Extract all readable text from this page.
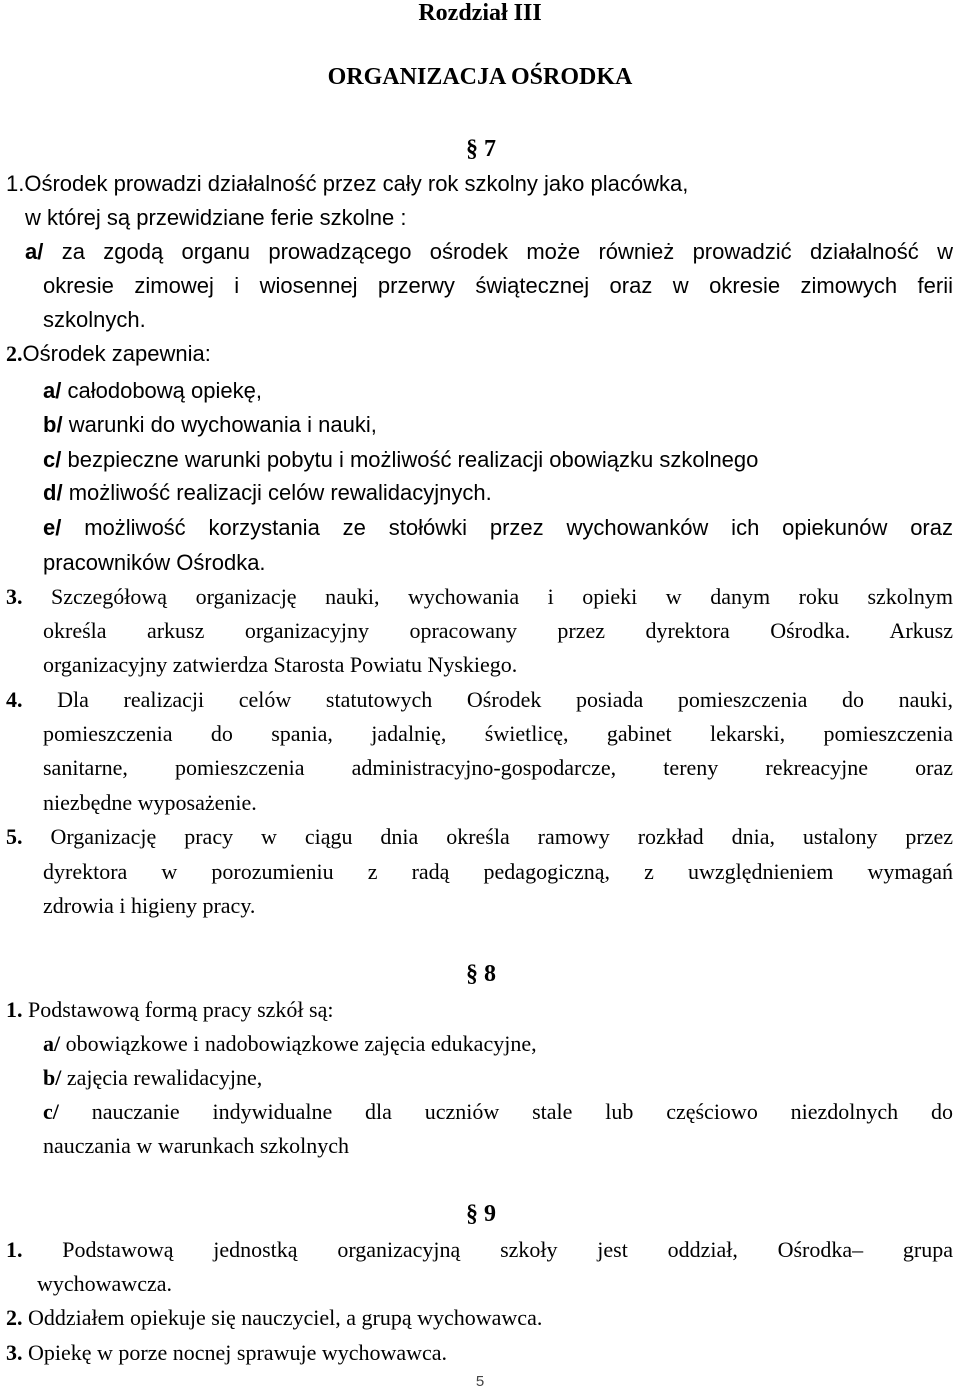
Rozdział III
ORGANIZACJA OŚRODKA
§ 7
1.Ośrodek prowadzi działalność przez cały rok szkolny jako placówka,
w której są przewidziane ferie szkolne :
a/ za zgodą organu prowadzącego ośrodek może również prowadzić działalność w
okresie zimowej i wiosennej przerwy świątecznej oraz w okresie zimowych ferii
szkolnych.
2.Ośrodek zapewnia:
a/ całodobową opiekę,
b/ warunki do wychowania i nauki,
c/ bezpieczne warunki pobytu i możliwość realizacji obowiązku szkolnego
d/ możliwość realizacji celów rewalidacyjnych.
e/ możliwość korzystania ze stołówki przez wychowanków ich opiekunów oraz
pracowników Ośrodka.
3. Szczegółową organizację nauki, wychowania i opieki w danym roku szkolnym
określa arkusz organizacyjny opracowany przez dyrektora Ośrodka. Arkusz
organizacyjny zatwierdza Starosta Powiatu Nyskiego.
4. Dla realizacji celów statutowych Ośrodek posiada pomieszczenia do nauki,
pomieszczenia do spania, jadalnię, świetlicę, gabinet lekarski, pomieszczenia
sanitarne, pomieszczenia administracyjno-gospodarcze, tereny rekreacyjne oraz
niezbędne wyposażenie.
5. Organizację pracy w ciągu dnia określa ramowy rozkład dnia, ustalony przez
dyrektora w porozumieniu z radą pedagogiczną, z uwzględnieniem wymagań
zdrowia i higieny pracy.
§ 8
1. Podstawową formą pracy szkół są:
a/ obowiązkowe i nadobowiązkowe zajęcia edukacyjne,
b/ zajęcia rewalidacyjne,
c/ nauczanie indywidualne dla uczniów stale lub częściowo niezdolnych do
nauczania w warunkach szkolnych
§ 9
1. Podstawową jednostką organizacyjną szkoły jest oddział, Ośrodka– grupa
wychowawcza.
2. Oddziałem opiekuje się nauczyciel, a grupą wychowawca.
3. Opiekę w porze nocnej sprawuje wychowawca.
5
